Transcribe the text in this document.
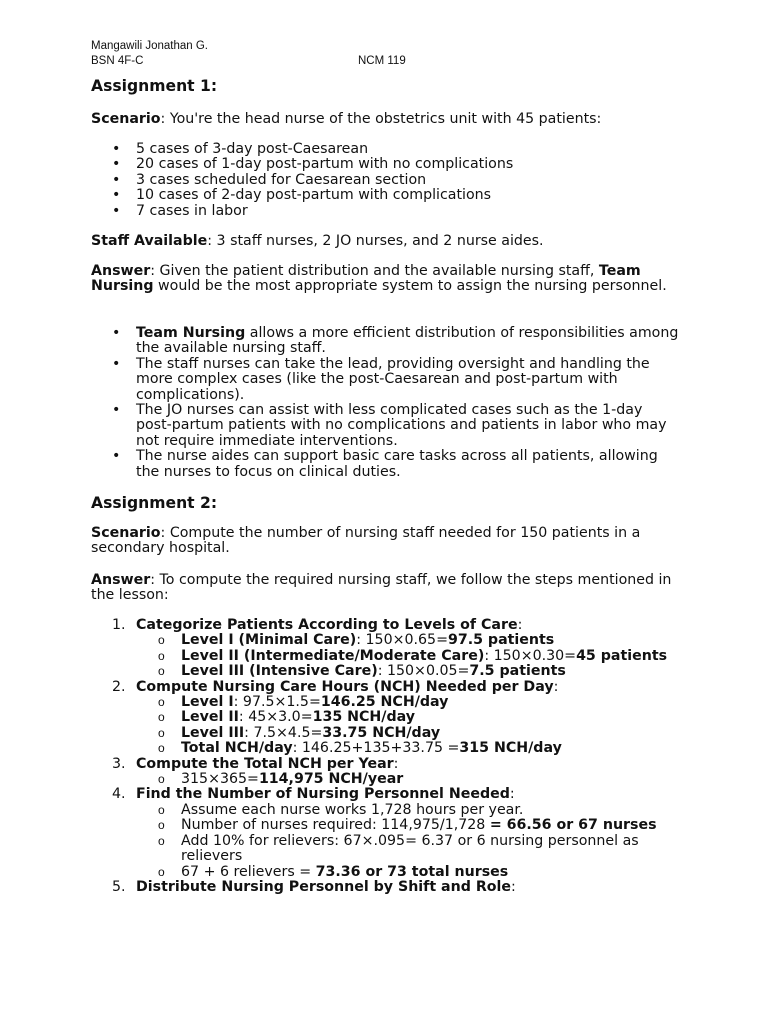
Mangawili Jonathan G.
BSN 4F-C	NCM 119
Assignment 1:
Scenario: You're the head nurse of the obstetrics unit with 45 patients:
• 5 cases of 3-day post-Caesarean
• 20 cases of 1-day post-partum with no complications
• 3 cases scheduled for Caesarean section
• 10 cases of 2-day post-partum with complications
• 7 cases in labor
Staff Available: 3 staff nurses, 2 JO nurses, and 2 nurse aides.
Answer: Given the patient distribution and the available nursing staff, Team Nursing would be the most appropriate system to assign the nursing personnel.
• Team Nursing allows a more efficient distribution of responsibilities among the available nursing staff.
• The staff nurses can take the lead, providing oversight and handling the more complex cases (like the post-Caesarean and post-partum with complications).
• The JO nurses can assist with less complicated cases such as the 1-day post-partum patients with no complications and patients in labor who may not require immediate interventions.
• The nurse aides can support basic care tasks across all patients, allowing the nurses to focus on clinical duties.
Assignment 2:
Scenario: Compute the number of nursing staff needed for 150 patients in a secondary hospital.
Answer: To compute the required nursing staff, we follow the steps mentioned in the lesson:
1. Categorize Patients According to Levels of Care:
o Level I (Minimal Care): 150×0.65=97.5 patients
o Level II (Intermediate/Moderate Care): 150×0.30=45 patients
o Level III (Intensive Care): 150×0.05=7.5 patients
2. Compute Nursing Care Hours (NCH) Needed per Day:
o Level I: 97.5×1.5=146.25 NCH/day
o Level II: 45×3.0=135 NCH/day
o Level III: 7.5×4.5=33.75 NCH/day
o Total NCH/day: 146.25+135+33.75 =315 NCH/day
3. Compute the Total NCH per Year:
o 315×365=114,975 NCH/year
4. Find the Number of Nursing Personnel Needed:
o Assume each nurse works 1,728 hours per year.
o Number of nurses required: 114,975/1,728 = 66.56 or 67 nurses
o Add 10% for relievers: 67×.095= 6.37 or 6 nursing personnel as relievers
o 67 + 6 relievers = 73.36 or 73 total nurses
5. Distribute Nursing Personnel by Shift and Role:
